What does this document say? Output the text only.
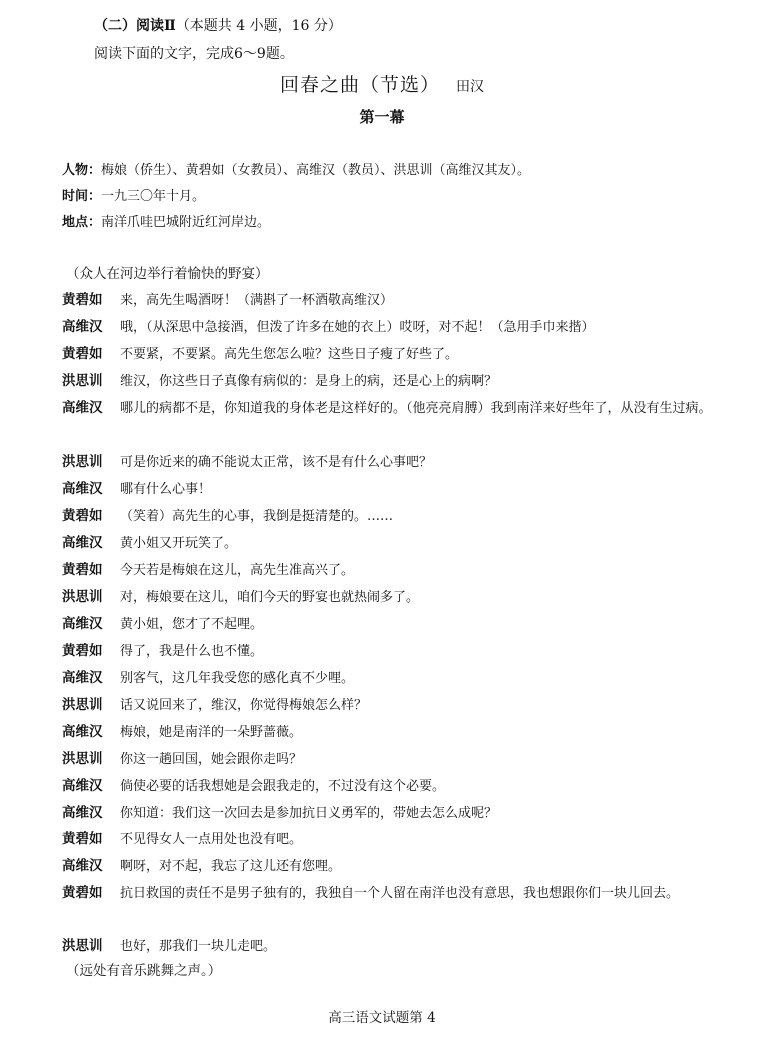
（二）阅读Ⅱ（本题共 4 小题，16 分）
阅读下面的文字，完成6～9题。
回春之曲（节选） 田汉
第一幕
人物：梅娘（侨生）、黄碧如（女教员）、高维汉（教员）、洪思训（高维汉其友）。
时间：一九三〇年十月。
地点：南洋爪哇巴城附近红河岸边。
（众人在河边举行着愉快的野宴）
黄碧如	来，高先生喝酒呀！（满斟了一杯酒敬高维汉）
高维汉	哦，（从深思中急接酒，但泼了许多在她的衣上）哎呀，对不起！（急用手巾来揩）
黄碧如	不要紧，不要紧。高先生您怎么啦？这些日子瘦了好些了。
洪思训	维汉，你这些日子真像有病似的：是身上的病，还是心上的病啊？
高维汉	哪儿的病都不是，你知道我的身体老是这样好的。（他亮亮肩膊）我到南洋来好些年了，从没有生过病。
洪思训	可是你近来的确不能说太正常，该不是有什么心事吧？
高维汉	哪有什么心事！
黄碧如	（笑着）高先生的心事，我倒是挺清楚的。……
高维汉	黄小姐又开玩笑了。
黄碧如	今天若是梅娘在这儿，高先生准高兴了。
洪思训	对，梅娘要在这儿，咱们今天的野宴也就热闹多了。
高维汉	黄小姐，您才了不起哩。
黄碧如	得了，我是什么也不懂。
高维汉	别客气，这几年我受您的感化真不少哩。
洪思训	话又说回来了，维汉，你觉得梅娘怎么样？
高维汉	梅娘，她是南洋的一朵野蔷薇。
洪思训	你这一趟回国，她会跟你走吗？
高维汉	倘使必要的话我想她是会跟我走的，不过没有这个必要。
高维汉	你知道：我们这一次回去是参加抗日义勇军的，带她去怎么成呢？
黄碧如	不见得女人一点用处也没有吧。
高维汉	啊呀，对不起，我忘了这儿还有您哩。
黄碧如	抗日救国的责任不是男子独有的，我独自一个人留在南洋也没有意思，我也想跟你们一块儿回去。
洪思训	也好，那我们一块儿走吧。
（远处有音乐跳舞之声。）
高三语文试题第 4
